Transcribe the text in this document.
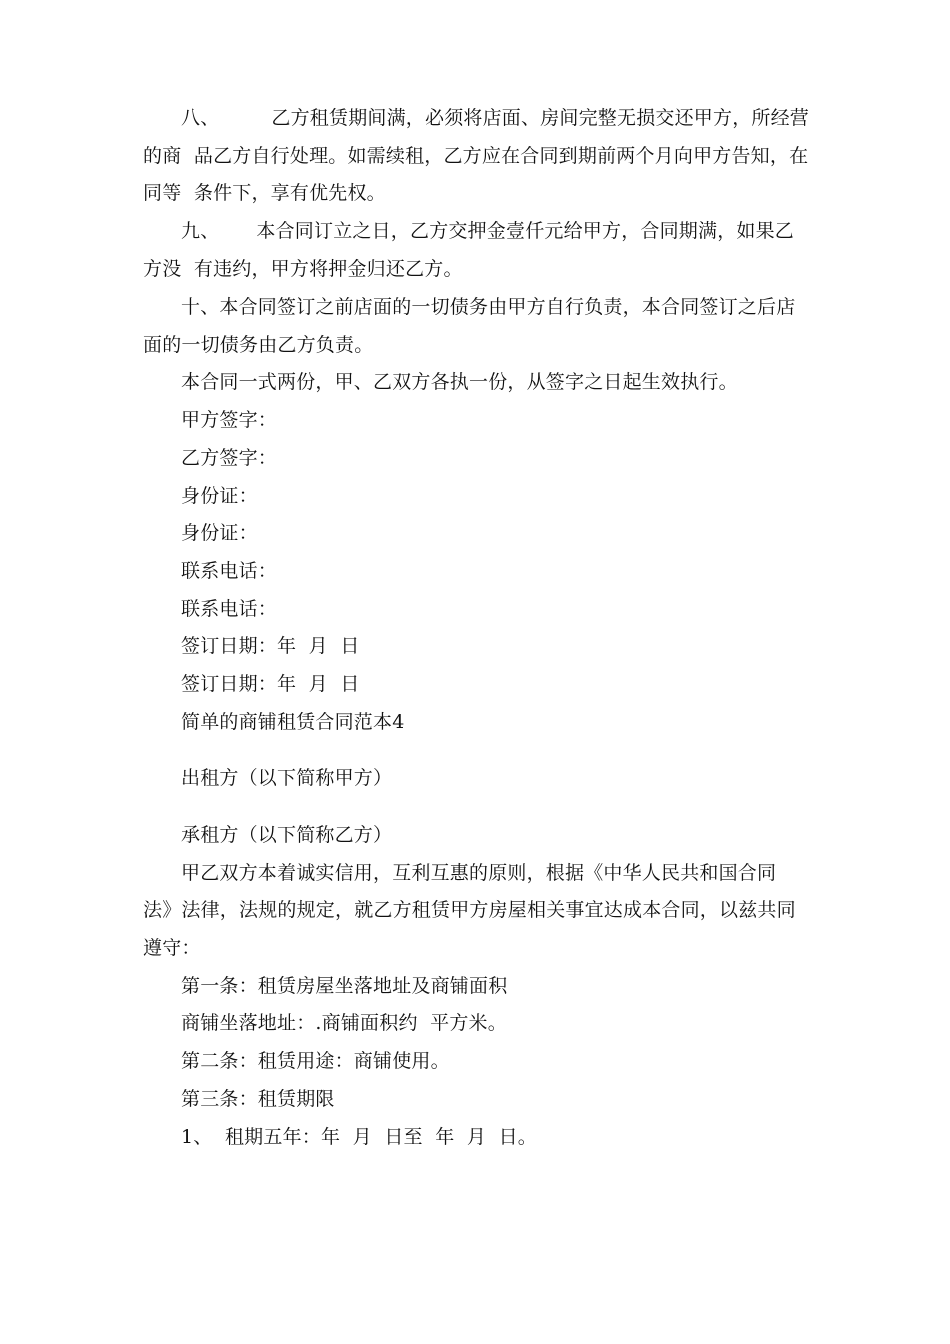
八、	乙方租赁期间满，必须将店面、房间完整无损交还甲方，所经营
的商  品乙方自行处理。如需续租，乙方应在合同到期前两个月向甲方告知，在
同等  条件下，享有优先权。
九、 本合同订立之日，乙方交押金壹仟元给甲方，合同期满，如果乙
方没  有违约，甲方将押金归还乙方。
十、本合同签订之前店面的一切债务由甲方自行负责，本合同签订之后店
面的一切债务由乙方负责。
本合同一式两份，甲、乙双方各执一份，从签字之日起生效执行。
甲方签字：
乙方签字：
身份证：
身份证：
联系电话：
联系电话：
签订日期：年  月  日
签订日期：年  月  日
简单的商铺租赁合同范本4
出租方（以下简称甲方）
承租方（以下简称乙方）
甲乙双方本着诚实信用，互利互惠的原则，根据《中华人民共和国合同
法》法律，法规的规定，就乙方租赁甲方房屋相关事宜达成本合同，以兹共同
遵守：
第一条：租赁房屋坐落地址及商铺面积
商铺坐落地址：.商铺面积约  平方米。
第二条：租赁用途：商铺使用。
第三条：租赁期限
1、  租期五年：年  月  日至  年  月  日。
